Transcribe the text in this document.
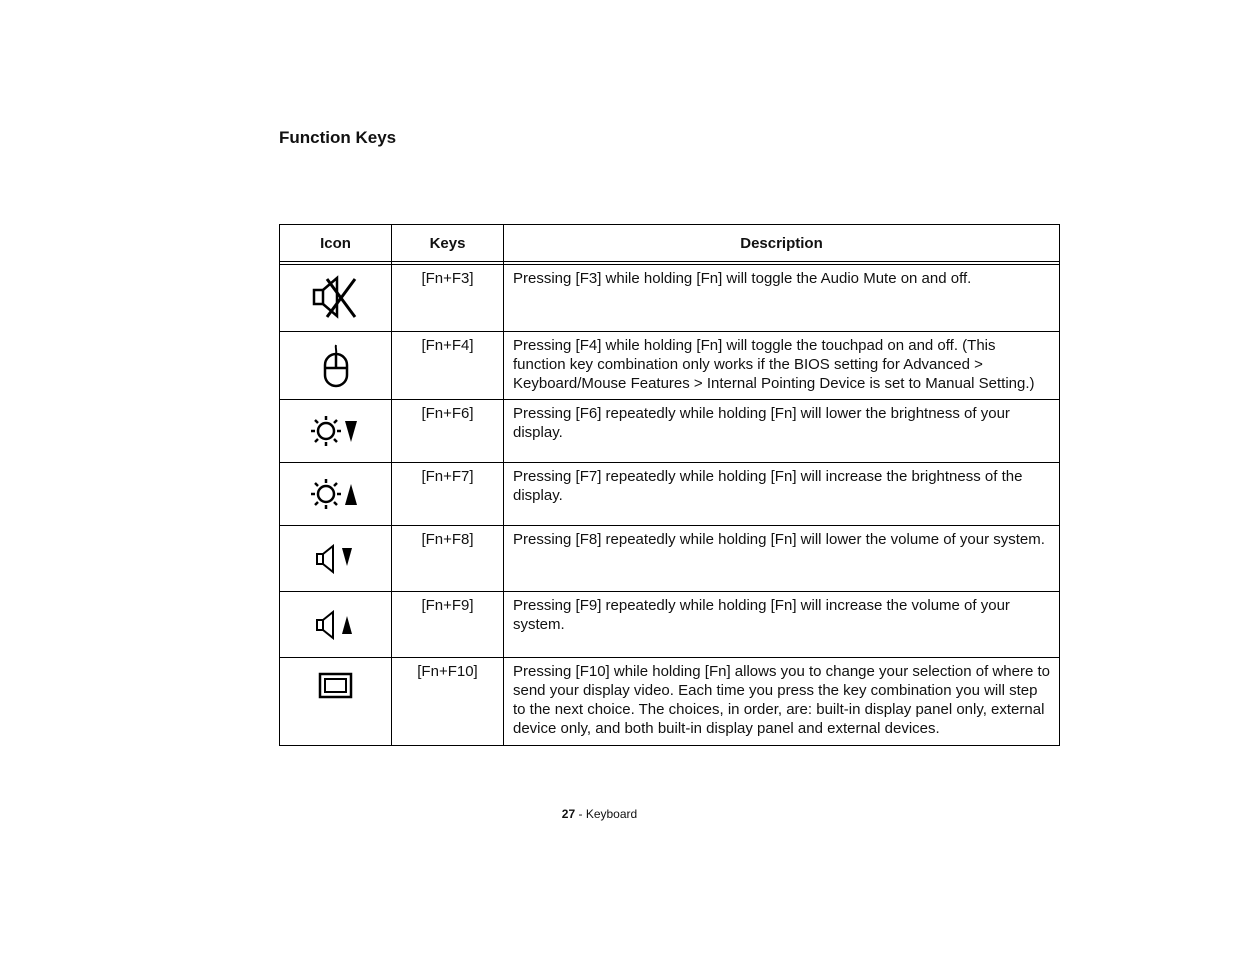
Function Keys
Icon	Keys	Description

	[Fn+F3]	Pressing [F3] while holding [Fn] will toggle the Audio Mute on and off.

	[Fn+F4]	Pressing [F4] while holding [Fn] will toggle the touchpad on and off. (This function key combination only works if the BIOS setting for Advanced > Keyboard/Mouse Features > Internal Pointing Device is set to Manual Setting.)

	[Fn+F6]	Pressing [F6] repeatedly while holding [Fn] will lower the brightness of your display.

	[Fn+F7]	Pressing [F7] repeatedly while holding [Fn] will increase the brightness of the display.

	[Fn+F8]	Pressing [F8] repeatedly while holding [Fn] will lower the volume of your system.

	[Fn+F9]	Pressing [F9] repeatedly while holding [Fn] will increase the volume of your system.

	[Fn+F10]	Pressing [F10] while holding [Fn] allows you to change your selection of where to send your display video. Each time you press the key combination you will step to the next choice. The choices, in order, are: built-in display panel only, external device only, and both built-in display panel and external devices.
27 - Keyboard
